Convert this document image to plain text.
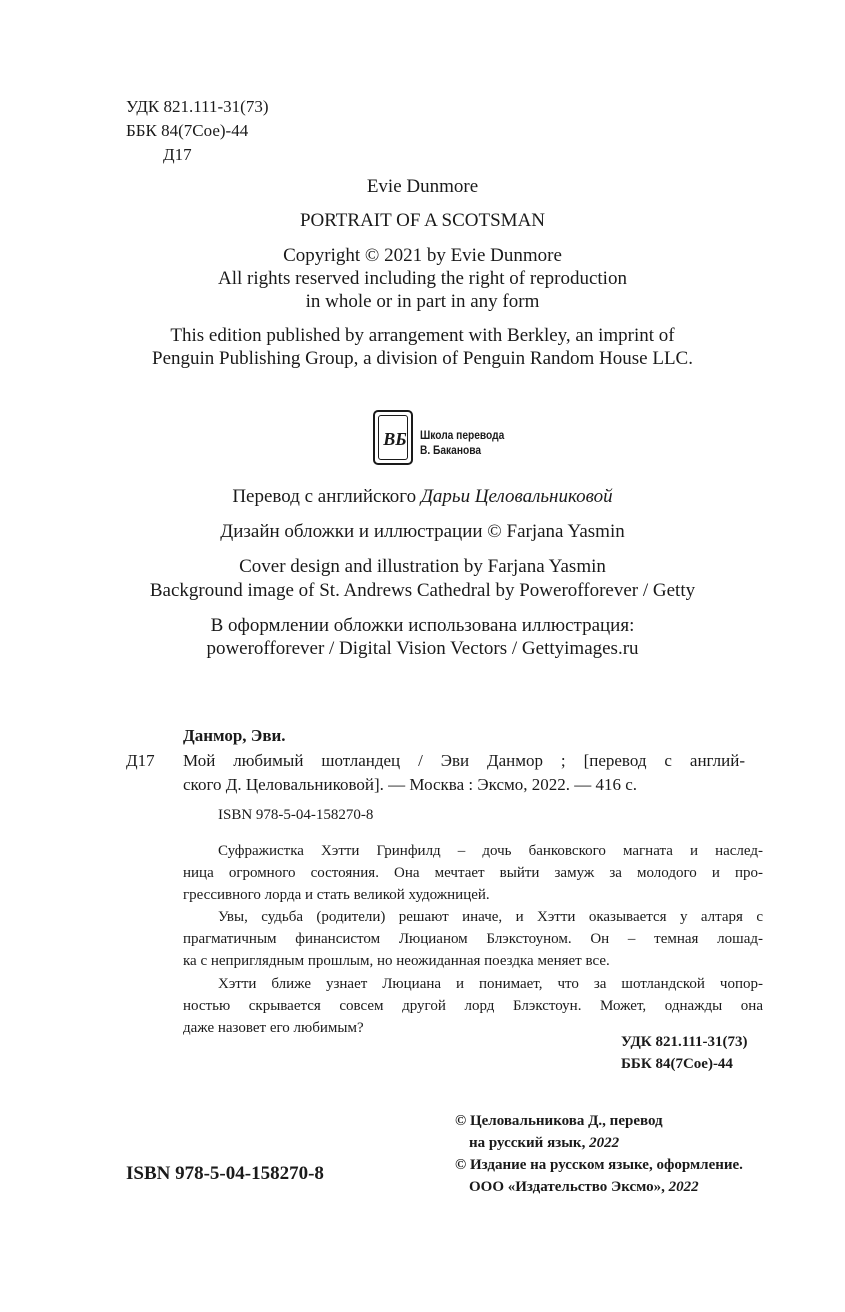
УДК 821.111-31(73)
ББК 84(7Сое)-44
Д17
Evie Dunmore
PORTRAIT OF A SCOTSMAN
Copyright © 2021 by Evie Dunmore
All rights reserved including the right of reproduction
in whole or in part in any form
This edition published by arrangement with Berkley, an imprint of
Penguin Publishing Group, a division of Penguin Random House LLC.
ВБ Школа перевода
В. Баканова
Перевод с английского Дарьи Целовальниковой
Дизайн обложки и иллюстрации © Farjana Yasmin
Cover design and illustration by Farjana Yasmin
Background image of St. Andrews Cathedral by Powerofforever / Getty
В оформлении обложки использована иллюстрация:
powerofforever / Digital Vision Vectors / Gettyimages.ru
Данмор, Эви.
Д17 Мой любимый шотландец / Эви Данмор ; [перевод с англий-
ского Д. Целовальниковой]. — Москва : Эксмо, 2022. — 416 с.
ISBN 978-5-04-158270-8
Суфражистка Хэтти Гринфилд – дочь банковского магната и наслед-
ница огромного состояния. Она мечтает выйти замуж за молодого и про-
грессивного лорда и стать великой художницей.
Увы, судьба (родители) решают иначе, и Хэтти оказывается у алтаря с
прагматичным финансистом Люцианом Блэкстоуном. Он – темная лошад-
ка с неприглядным прошлым, но неожиданная поездка меняет все.
Хэтти ближе узнает Люциана и понимает, что за шотландской чопор-
ностью скрывается совсем другой лорд Блэкстоун. Может, однажды она
даже назовет его любимым?
УДК 821.111-31(73)
ББК 84(7Сое)-44
ISBN 978-5-04-158270-8
© Целовальникова Д., перевод
на русский язык, 2022
© Издание на русском языке, оформление.
ООО «Издательство Эксмо», 2022
